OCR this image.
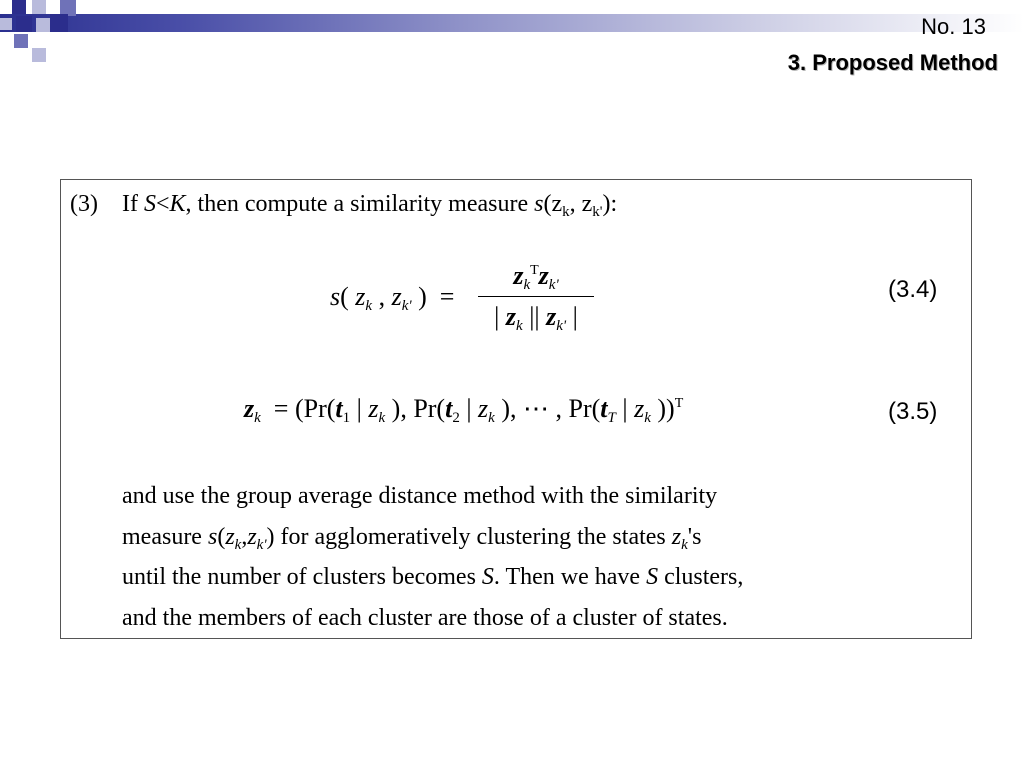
No. 13
3. Proposed Method
(3) If S<K, then compute a similarity measure $s(z_k$, $z_{k'}$):
s( $z_k$ , $z_{k'}$ )  =
$z_k^Tz_{k'}$
| $z_k$ || $z_{k'}$ |
(3.4)
$z_k = (Pr(t_1$ | $z_k$ ), $Pr(t_2$ | $z_k$ ), ⋯ , $Pr(t_T$ | $z_k$ ))$^T$	(3.5)
and use the group average distance method with the similarity
measure $s(z_k,z_{k'})$ for agglomeratively clustering the states $z_k's$
until the number of clusters becomes S. Then we have S clusters,
and the members of each cluster are those of a cluster of states.
